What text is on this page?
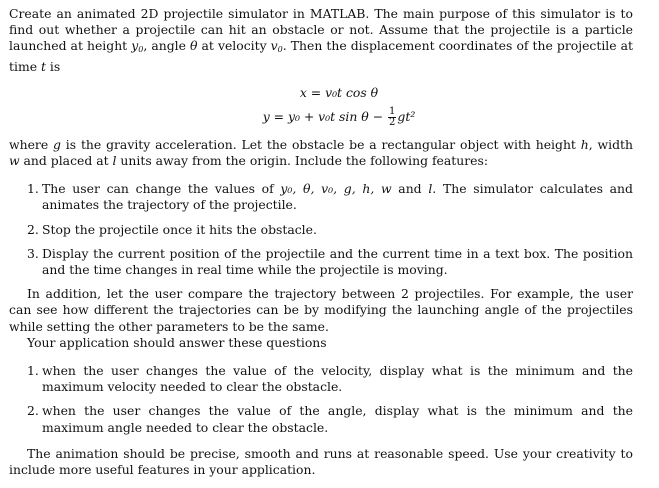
Create an animated 2D projectile simulator in MATLAB. The main purpose of this simulator is to find out whether a projectile can hit an obstacle or not. Assume that the projectile is a particle launched at height $y_0$, angle θ at velocity $v_0$. Then the displacement coordinates of the projectile at time t is

x = v₀t cos θ
y = y₀ + v₀t $\sin \theta - \frac{1}{2} gt^2$

where g is the gravity acceleration. Let the obstacle be a rectangular object with height h, width w and placed at l units away from the origin. Include the following features:

1. The user can change the values of y₀, θ, v₀, g, h, w and l. The simulator calculates and animates the trajectory of the projectile.

2. Stop the projectile once it hits the obstacle.

3. Display the current position of the projectile and the current time in a text box. The position and the time changes in real time while the projectile is moving.

In addition, let the user compare the trajectory between 2 projectiles. For example, the user can see how different the trajectories can be by modifying the launching angle of the projectiles while setting the other parameters to be the same.

Your application should answer these questions

1. when the user changes the value of the velocity, display what is the minimum and the maximum velocity needed to clear the obstacle.

2. when the user changes the value of the angle, display what is the minimum and the maximum angle needed to clear the obstacle.

The animation should be precise, smooth and runs at reasonable speed. Use your creativity to include more useful features in your application.
